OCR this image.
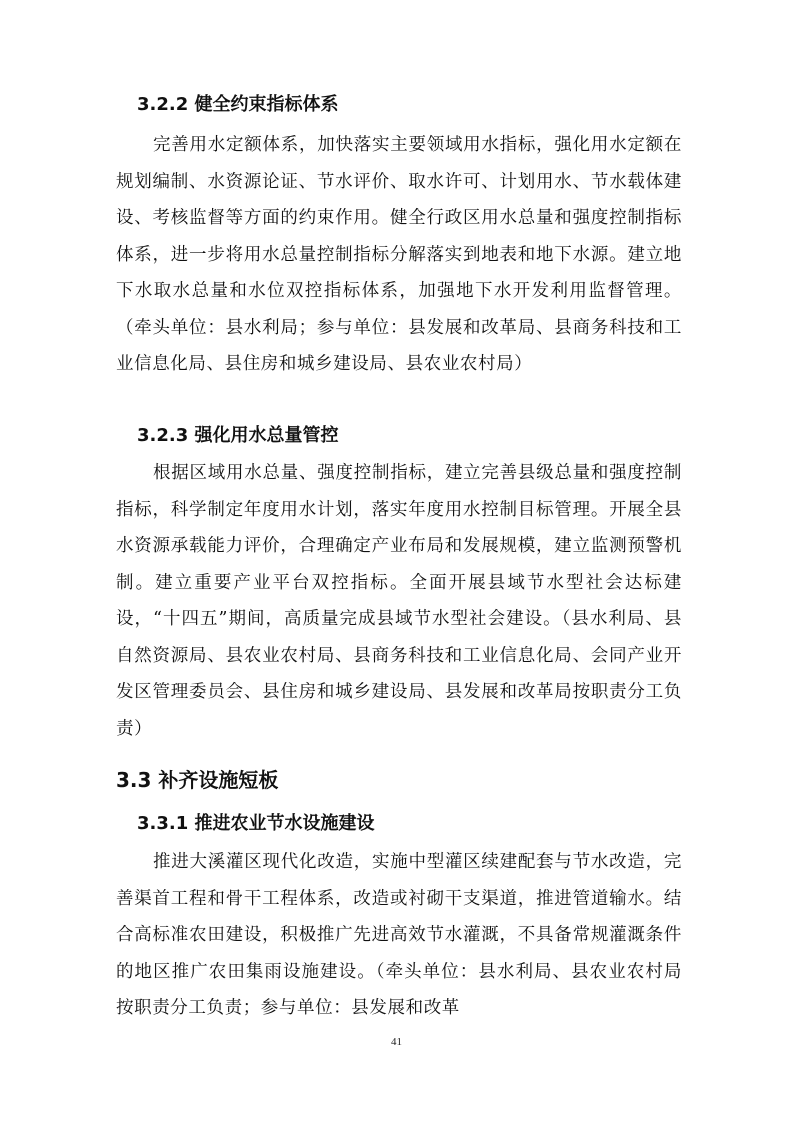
3.2.2 健全约束指标体系

完善用水定额体系，加快落实主要领域用水指标，强化用水定额在规划编制、水资源论证、节水评价、取水许可、计划用水、节水载体建设、考核监督等方面的约束作用。健全行政区用水总量和强度控制指标体系，进一步将用水总量控制指标分解落实到地表和地下水源。建立地下水取水总量和水位双控指标体系，加强地下水开发利用监督管理。（牵头单位：县水利局；参与单位：县发展和改革局、县商务科技和工业信息化局、县住房和城乡建设局、县农业农村局）

3.2.3 强化用水总量管控

根据区域用水总量、强度控制指标，建立完善县级总量和强度控制指标，科学制定年度用水计划，落实年度用水控制目标管理。开展全县水资源承载能力评价，合理确定产业布局和发展规模，建立监测预警机制。建立重要产业平台双控指标。全面开展县域节水型社会达标建设，“十四五”期间，高质量完成县域节水型社会建设。（县水利局、县自然资源局、县农业农村局、县商务科技和工业信息化局、会同产业开发区管理委员会、县住房和城乡建设局、县发展和改革局按职责分工负责）

3.3 补齐设施短板
3.3.1 推进农业节水设施建设

推进大溪灌区现代化改造，实施中型灌区续建配套与节水改造，完善渠首工程和骨干工程体系，改造或衬砌干支渠道，推进管道输水。结合高标准农田建设，积极推广先进高效节水灌溉，不具备常规灌溉条件的地区推广农田集雨设施建设。（牵头单位：县水利局、县农业农村局按职责分工负责；参与单位：县发展和改革

41
